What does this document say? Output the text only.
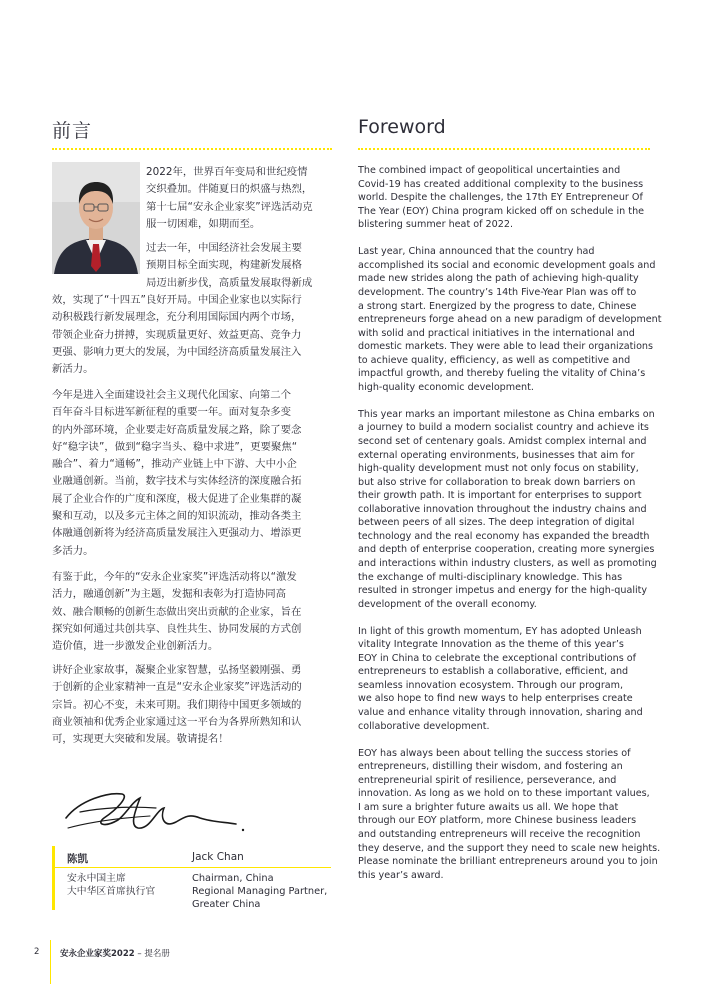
前言	Foreword

2022年，世界百年变局和世纪疫情

交织叠加。伴随夏日的炽盛与热烈，

第十七届“安永企业家奖”评选活动克

服一切困难，如期而至。

过去一年，中国经济社会发展主要

预期目标全面实现，构建新发展格

局迈出新步伐，高质量发展取得新成

效，实现了“十四五”良好开局。中国企业家也以实际行

动积极践行新发展理念，充分利用国际国内两个市场，

带领企业奋力拼搏，实现质量更好、效益更高、竞争力

更强、影响力更大的发展，为中国经济高质量发展注入

新活力。

今年是进入全面建设社会主义现代化国家、向第二个

百年奋斗目标进军新征程的重要一年。面对复杂多变

的内外部环境，企业要走好高质量发展之路，除了要念

好“稳字诀”，做到“稳字当头、稳中求进”，更要聚焦“

融合”、着力“通畅”，推动产业链上中下游、大中小企

业融通创新。当前，数字技术与实体经济的深度融合拓

展了企业合作的广度和深度，极大促进了企业集群的凝

聚和互动，以及多元主体之间的知识流动，推动各类主

体融通创新将为经济高质量发展注入更强动力、增添更

多活力。

有鉴于此，今年的“安永企业家奖”评选活动将以“激发

活力，融通创新”为主题，发掘和表彰为打造协同高

效、融合顺畅的创新生态做出突出贡献的企业家，旨在

探究如何通过共创共享、良性共生、协同发展的方式创

造价值，进一步激发企业创新活力。

讲好企业家故事，凝聚企业家智慧，弘扬坚毅刚强、勇

于创新的企业家精神一直是“安永企业家奖”评选活动的

宗旨。初心不变，未来可期。我们期待中国更多领域的

商业领袖和优秀企业家通过这一平台为各界所熟知和认

可，实现更大突破和发展。敬请提名！

陈凯	Jack Chan
安永中国主席
大中华区首席执行官
Chairman, China
Regional Managing Partner,
Greater China

The combined impact of geopolitical uncertainties and
Covid-19 has created additional complexity to the business
world. Despite the challenges, the 17th EY Entrepreneur Of
The Year (EOY) China program kicked off on schedule in the
blistering summer heat of 2022.

Last year, China announced that the country had
accomplished its social and economic development goals and
made new strides along the path of achieving high-quality
development. The country’s 14th Five-Year Plan was off to
a strong start. Energized by the progress to date, Chinese
entrepreneurs forge ahead on a new paradigm of development
with solid and practical initiatives in the international and
domestic markets. They were able to lead their organizations
to achieve quality, efficiency, as well as competitive and
impactful growth, and thereby fueling the vitality of China’s
high-quality economic development.

This year marks an important milestone as China embarks on
a journey to build a modern socialist country and achieve its
second set of centenary goals. Amidst complex internal and
external operating environments, businesses that aim for
high-quality development must not only focus on stability,
but also strive for collaboration to break down barriers on
their growth path. It is important for enterprises to support
collaborative innovation throughout the industry chains and
between peers of all sizes. The deep integration of digital
technology and the real economy has expanded the breadth
and depth of enterprise cooperation, creating more synergies
and interactions within industry clusters, as well as promoting
the exchange of multi-disciplinary knowledge. This has
resulted in stronger impetus and energy for the high-quality
development of the overall economy.

In light of this growth momentum, EY has adopted Unleash
vitality Integrate Innovation as the theme of this year’s
EOY in China to celebrate the exceptional contributions of
entrepreneurs to establish a collaborative, efficient, and
seamless innovation ecosystem. Through our program,
we also hope to find new ways to help enterprises create
value and enhance vitality through innovation, sharing and
collaborative development.

EOY has always been about telling the success stories of
entrepreneurs, distilling their wisdom, and fostering an
entrepreneurial spirit of resilience, perseverance, and
innovation. As long as we hold on to these important values,
I am sure a brighter future awaits us all. We hope that
through our EOY platform, more Chinese business leaders
and outstanding entrepreneurs will receive the recognition
they deserve, and the support they need to scale new heights.
Please nominate the brilliant entrepreneurs around you to join
this year’s award.

2 安永企业家奖2022 – 提名册
